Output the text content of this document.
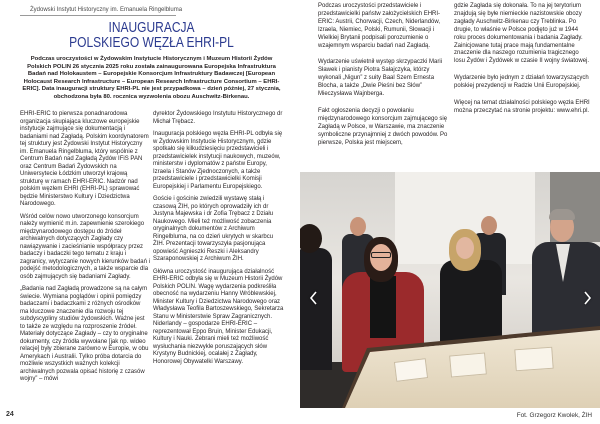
Żydowski Instytut Historyczny im. Emanuela Ringelbluma
INAUGURACJA
POLSKIEGO WĘZŁA EHRI-PL
Podczas uroczystości w Żydowskim Instytucie Historycznym i Muzeum Historii Żydów Polskich POLIN 26 stycznia 2025 roku została zainaugurowana Europejska Infrastruktura Badań nad Holokaustem – Europejskie Konsorcjum Infrastruktury Badawczej [European Holocaust Research Infrastructure – European Research Infrastructure Consortium – EHRI-ERIC]. Data inauguracji struktury EHRI-PL nie jest przypadkowa – dzień później, 27 stycznia, obchodzona była 80. rocznica wyzwolenia obozu Auschwitz-Birkenau.

EHRI-ERIC to pierwsza ponadnarodowa organizacja skupiająca kluczowe europejskie instytucje zajmujące się dokumentacją i badaniami nad Zagładą. Polskim koordynatorem tej struktury jest Żydowski Instytut Historyczny im. Emanuela Ringelbluma, który wspólnie z Centrum Badań nad Zagładą Żydów IFiS PAN oraz Centrum Badań Żydowskich na Uniwersytecie Łódzkim utworzył krajową strukturę w ramach EHRI-ERIC. Nadzór nad polskim węzłem EHRI (EHRI-PL) sprawować będzie Ministerstwo Kultury i Dziedzictwa Narodowego.

Wśród celów nowo utworzonego konsorcjum należy wymienić m.in. zapewnienie szerokiego międzynarodowego dostępu do źródeł archiwalnych dotyczących Zagłady czy nawiązywanie i zacieśnianie współpracy przez badaczy i badaczki tego tematu z kraju i zagranicy, wytyczanie nowych kierunków badań i podejść metodologicznych, a także wsparcie dla osób zajmujących się badaniami Zagłady.

„Badania nad Zagładą prowadzone są na całym świecie. Wymiana poglądów i opinii pomiędzy badaczami i badaczkami z różnych ośrodków ma kluczowe znaczenie dla rozwoju tej subdyscypliny studiów żydowskich. Ważne jest to także ze względu na rozproszenie źródeł. Materiały dotyczące Zagłady – czy to oryginalne dokumenty, czy źródła wywołane [jak np. wideo relacje] były zbierane zarówno w Europie, w obu Amerykach i Australii. Tylko próba dotarcia do możliwie wszystkich ważnych kolekcji archiwalnych pozwala opisać historię z czasów wojny” – mówi

dyrektor Żydowskiego Instytutu Historycznego dr Michał Trębacz.

Inauguracja polskiego węzła EHRI-PL odbyła się w Żydowskim Instytucie Historycznym, gdzie spotkało się kilkudziesięciu przedstawicieli i przedstawicielek instytucji naukowych, muzeów, ministerstw i dyplomatów z państw Europy, Izraela i Stanów Zjednoczonych, a także przedstawiciele i przedstawicielki Komisji Europejskiej i Parlamentu Europejskiego.

Goście i gościnie zwiedzili wystawę stałą i czasową ŻIH, po których oprowadziły ich dr Justyna Majewska i dr Zofia Trębacz z Działu Naukowego. Mieli też możliwość zobaczenia oryginalnych dokumentów z Archiwum Ringelbluma, na co dzień ukrytych w skarbcu ŻIH. Prezentacji towarzyszyła pasjonująca opowieść Agnieszki Reszki i Aleksandry Szaraponowskiej z Archiwum ŻIH.

Główna uroczystość inaugurująca działalność EHRI-ERIC odbyła się w Muzeum Historii Żydów Polskich POLIN. Wagę wydarzenia podkreśliła obecność na wydarzeniu Hanny Wróblewskiej, Minister Kultury i Dziedzictwa Narodowego oraz Władysława Teofila Bartoszewskiego, Sekretarza Stanu w Ministerstwie Spraw Zagranicznych. Niderlandy – gospodarze EHRI-ERIC – reprezentował Eppo Bruin, Minister Edukacji, Kultury i Nauki. Zebrani mieli też możliwość wysłuchania niezwykle poruszających słów Krystyny Budnickiej, ocalałej z Zagłady, Honorowej Obywatelki Warszawy.

24

Podczas uroczystości przedstawiciele i przedstawicielki państw założycielskich EHRI-ERIC: Austrii, Chorwacji, Czech, Niderlandów, Izraela, Niemiec, Polski, Rumunii, Słowacji i Wielkiej Brytanii podpisali porozumienie o wzajemnym wsparciu badań nad Zagładą.

Wydarzenie uświetnił występ skrzypaczki Marii Sławek i pianisty Piotra Sałajczyka, którzy wykonali „Nigun” z suity Baal Szem Ernesta Blocha, a także „Dwie Pieśni bez Słów” Mieczysława Wajnberga.

Fakt ogłoszenia decyzji o powołaniu międzynarodowego konsorcjum zajmującego się Zagładą w Polsce, w Warszawie, ma znaczenie symboliczne przynajmniej z dwóch powodów. Po pierwsze, Polska jest miejscem,

gdzie Zagłada się dokonała. To na jej terytorium znajdują się byłe niemieckie nazistowskie obozy zagłady Auschwitz-Birkenau czy Treblinka. Po drugie, to właśnie w Polsce podjęto już w 1944 roku proces dokumentowania i badania Zagłady. Zainicjowane tutaj prace mają fundamentalne znaczenie dla naszego rozumienia tragicznego losu Żydów i Żydówek w czasie II wojny światowej.

Wydarzenie było jednym z działań towarzyszących polskiej prezydencji w Radzie Unii Europejskiej.

Więcej na temat działalności polskiego węzła EHRI można przeczytać na stronie projektu: www.ehri.pl.

Fot. Grzegorz Kwolek, ŻIH
